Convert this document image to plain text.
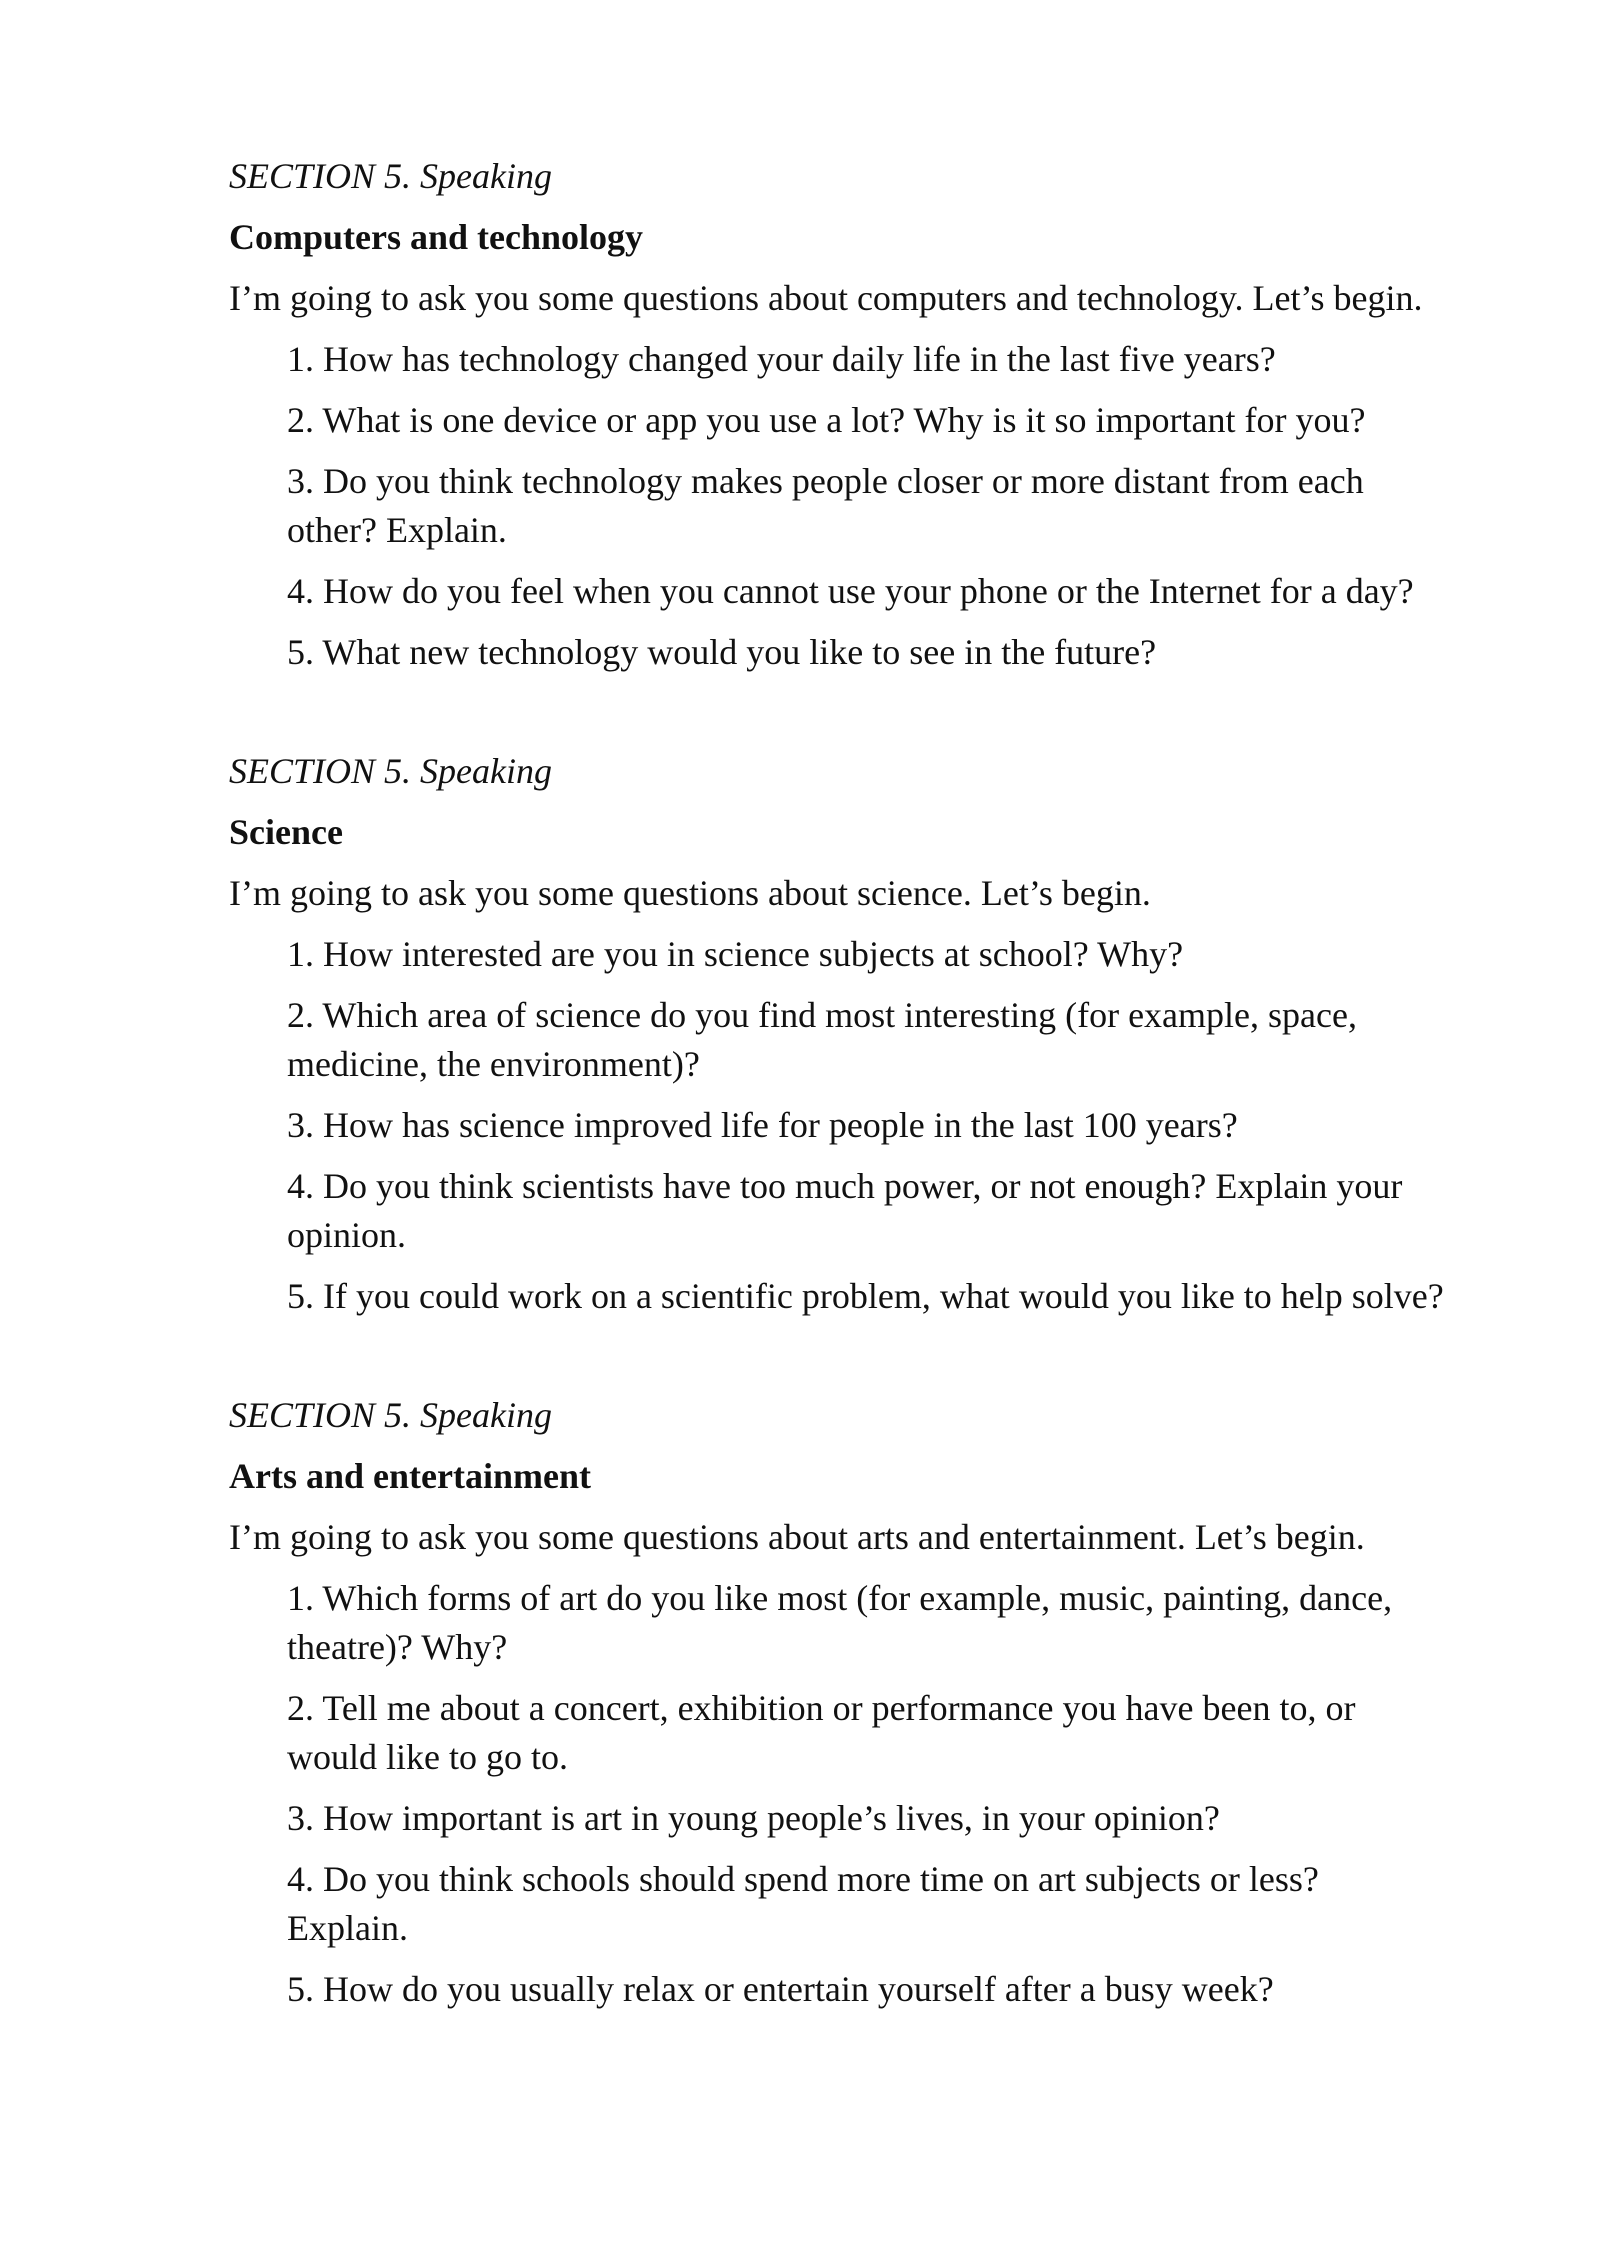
SECTION 5. Speaking

Computers and technology

I’m going to ask you some questions about computers and technology. Let’s begin.

1. How has technology changed your daily life in the last five years?
2. What is one device or app you use a lot? Why is it so important for you?
3. Do you think technology makes people closer or more distant from each other? Explain.
4. How do you feel when you cannot use your phone or the Internet for a day?
5. What new technology would you like to see in the future?

SECTION 5. Speaking

Science

I’m going to ask you some questions about science. Let’s begin.

1. How interested are you in science subjects at school? Why?
2. Which area of science do you find most interesting (for example, space, medicine, the environment)?
3. How has science improved life for people in the last 100 years?
4. Do you think scientists have too much power, or not enough? Explain your opinion.
5. If you could work on a scientific problem, what would you like to help solve?

SECTION 5. Speaking

Arts and entertainment

I’m going to ask you some questions about arts and entertainment. Let’s begin.

1. Which forms of art do you like most (for example, music, painting, dance, theatre)? Why?
2. Tell me about a concert, exhibition or performance you have been to, or would like to go to.
3. How important is art in young people’s lives, in your opinion?
4. Do you think schools should spend more time on art subjects or less? Explain.
5. How do you usually relax or entertain yourself after a busy week?
